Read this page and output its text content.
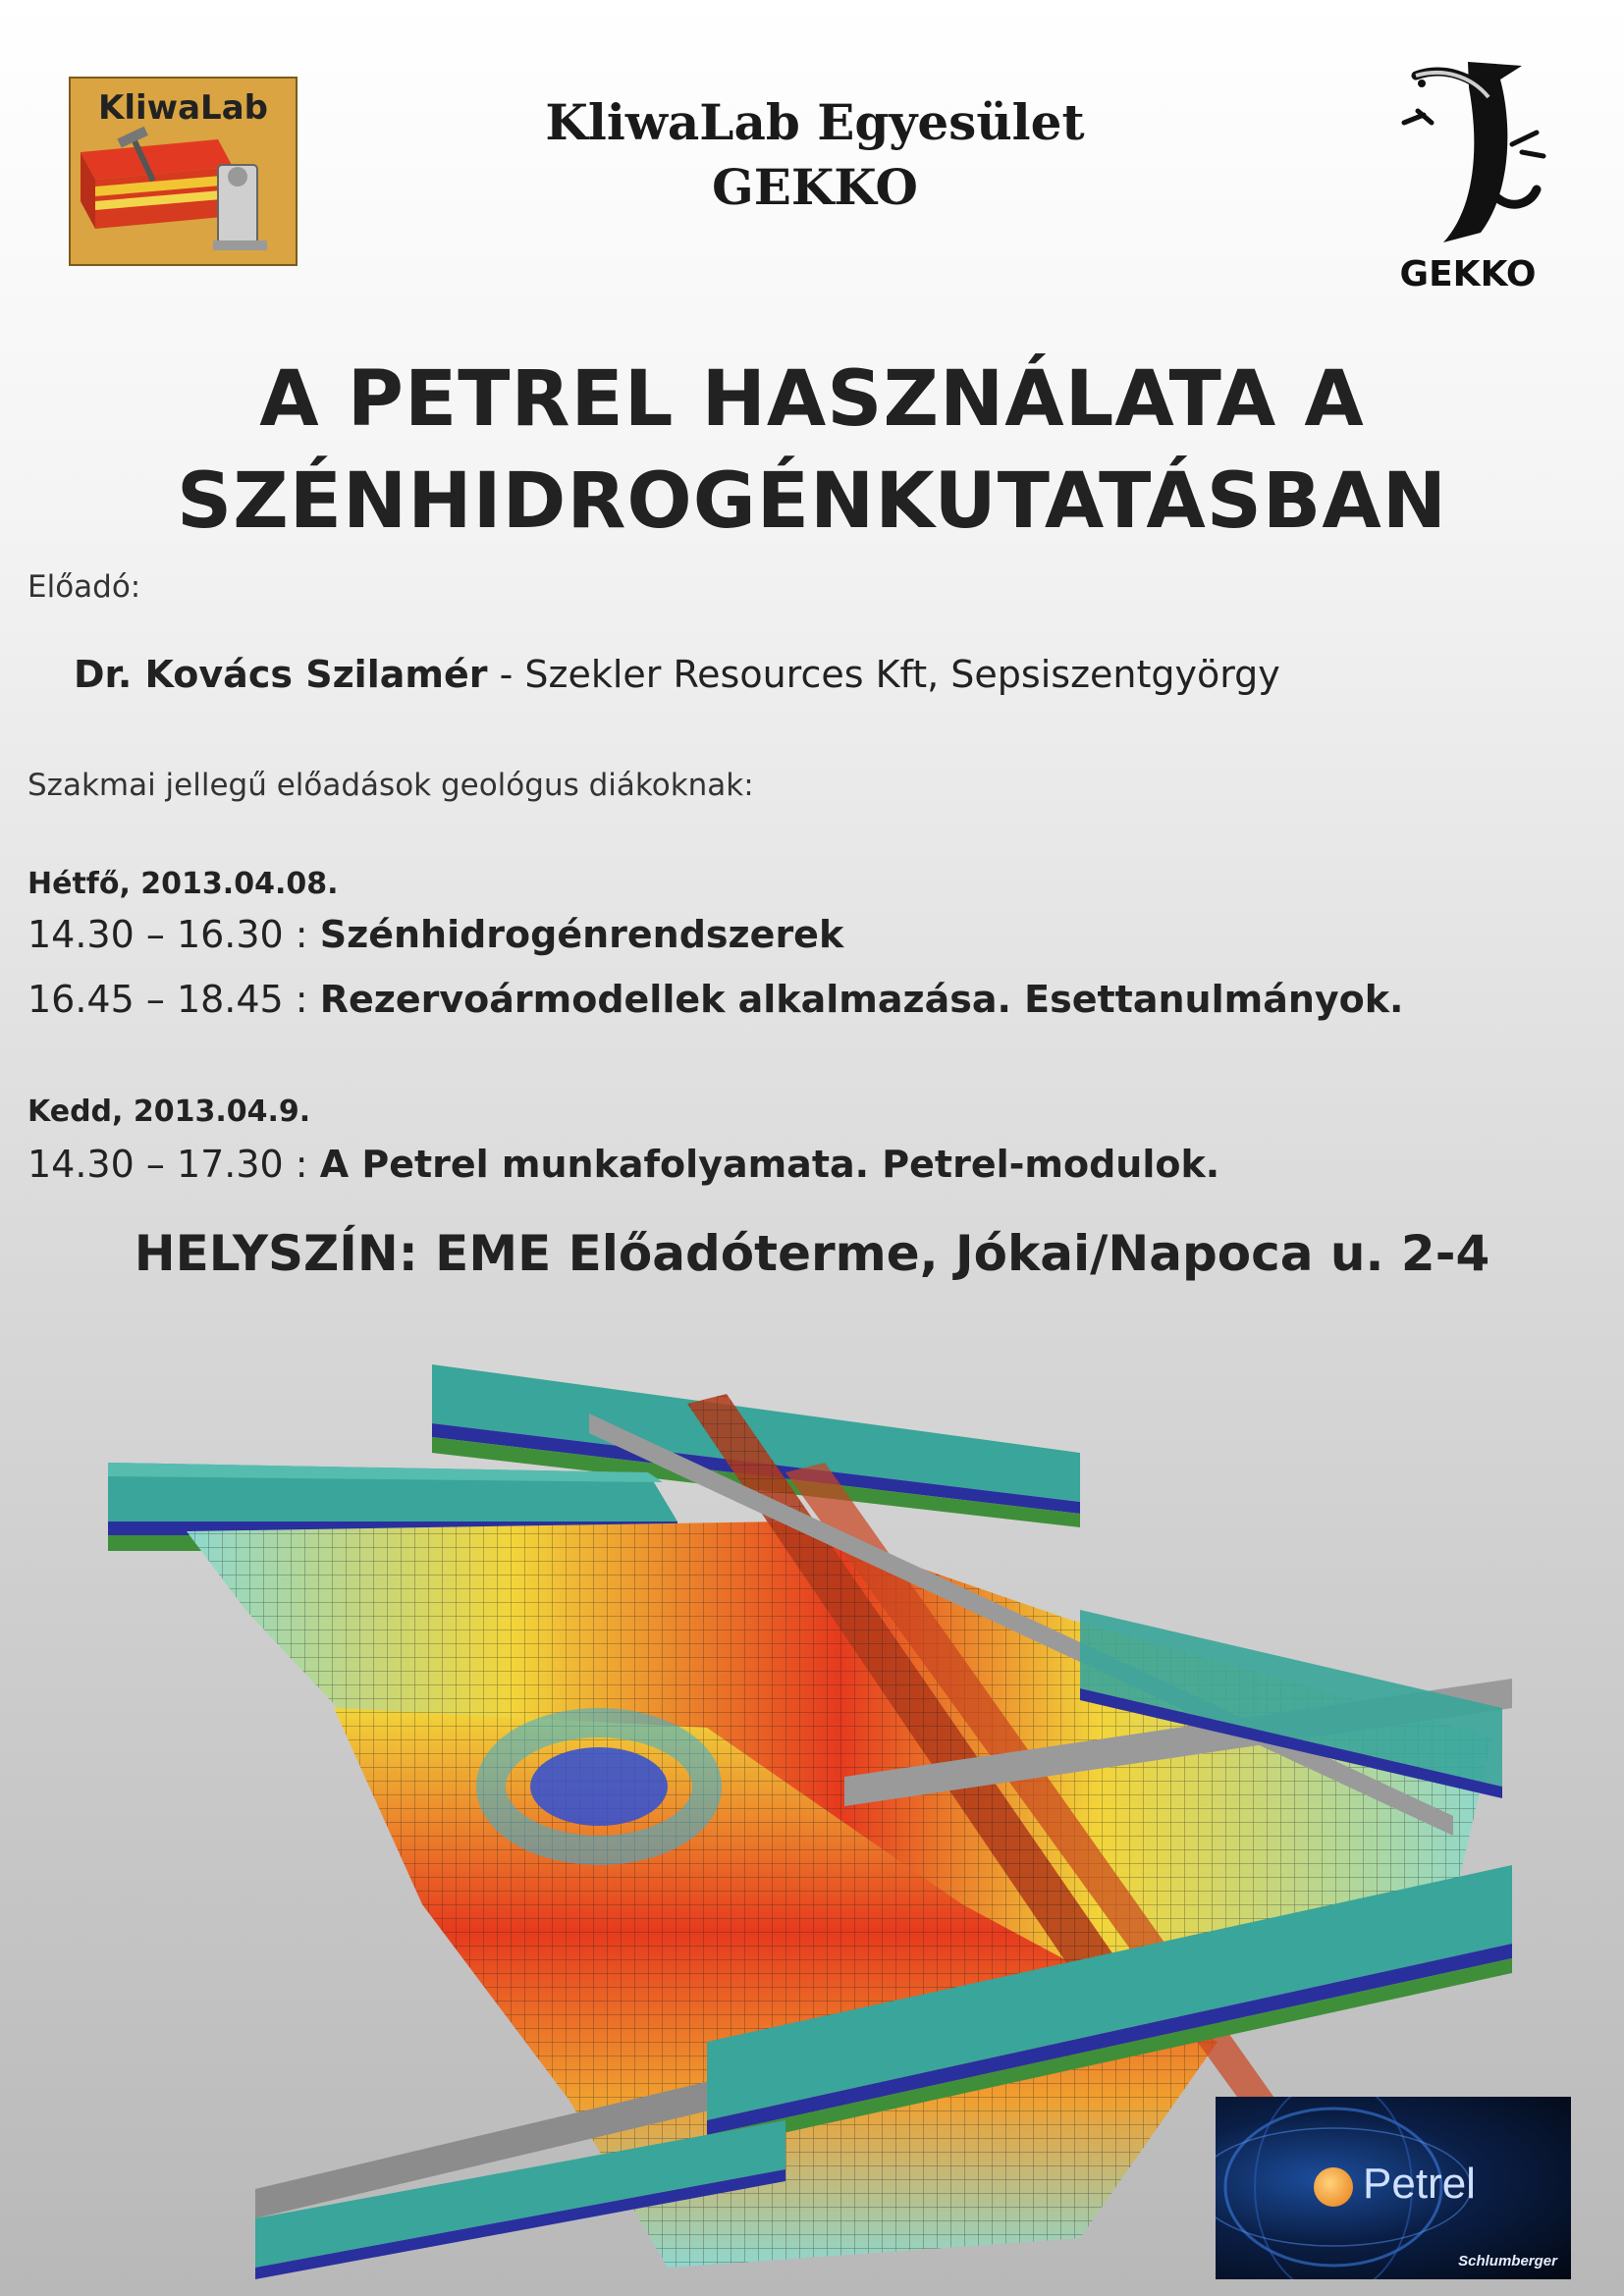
KliwaLab	KliwaLab Egyesület
GEKKO
GEKKO
A PETREL HASZNÁLATA A
SZÉNHIDROGÉNKUTATÁSBAN
Előadó:
Dr. Kovács Szilamér - Szekler Resources Kft, Sepsiszentgyörgy
Szakmai jellegű előadások geológus diákoknak:
Hétfő, 2013.04.08.
14.30 – 16.30 : Szénhidrogénrendszerek
16.45 – 18.45 : Rezervoármodellek alkalmazása. Esettanulmányok.
Kedd, 2013.04.9.
14.30 – 17.30 : A Petrel munkafolyamata. Petrel-modulok.
HELYSZÍN: EME Előadóterme, Jókai/Napoca u. 2-4
Petrel
Schlumberger
